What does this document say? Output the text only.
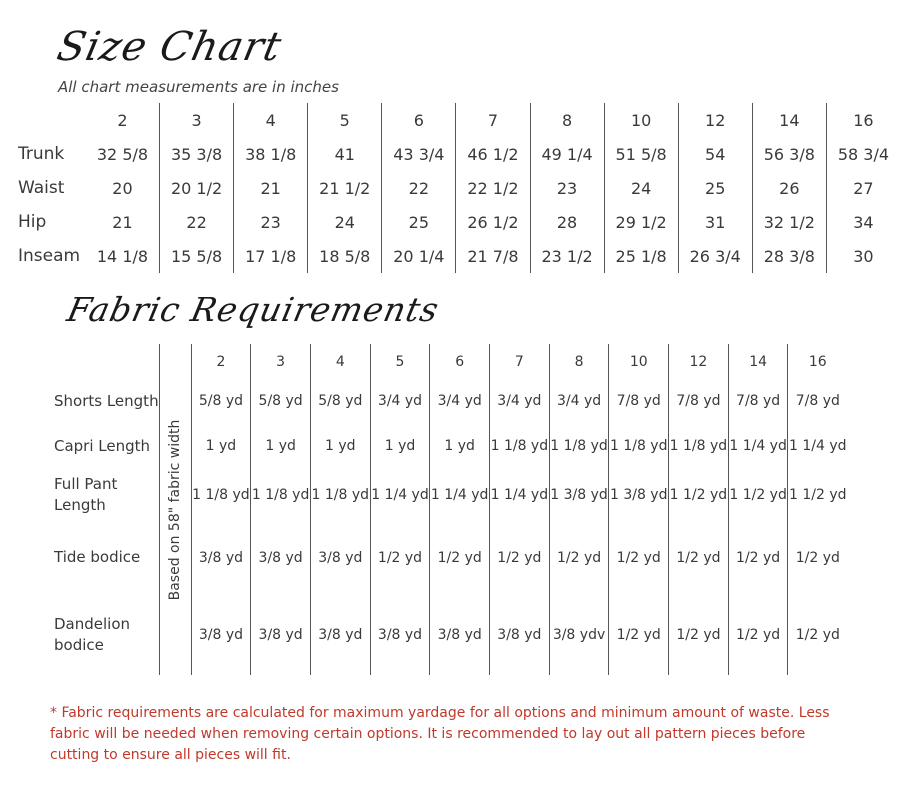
Size Chart
All chart measurements are in inches
	2	3	4	5	6	7	8	10	12	14	16
Trunk	32 5/8	35 3/8	38 1/8	41	43 3/4	46 1/2	49 1/4	51 5/8	54	56 3/8	58 3/4
Waist	20	20 1/2	21	21 1/2	22	22 1/2	23	24	25	26	27
Hip	21	22	23	24	25	26 1/2	28	29 1/2	31	32 1/2	34
Inseam	14 1/8	15 5/8	17 1/8	18 5/8	20 1/4	21 7/8	23 1/2	25 1/8	26 3/4	28 3/8	30
Fabric Requirements

	Based on 58" fabric width	2	3	4	5	6	7	8	10	12	14	16

Shorts Length		5/8 yd	5/8 yd	5/8 yd	3/4 yd	3/4 yd	3/4 yd	3/4 yd	7/8 yd	7/8 yd	7/8 yd	7/8 yd

Capri Length		1 yd	1 yd	1 yd	1 yd	1 yd	1 1/8 yd	1 1/8 yd	1 1/8 yd	1 1/8 yd	1 1/4 yd	1 1/4 yd

Full Pant
Length		1 1/8 yd	1 1/8 yd	1 1/8 yd	1 1/4 yd	1 1/4 yd	1 1/4 yd	1 3/8 yd	1 3/8 yd	1 1/2 yd	1 1/2 yd	1 1/2 yd

Tide bodice		3/8 yd	3/8 yd	3/8 yd	1/2 yd	1/2 yd	1/2 yd	1/2 yd	1/2 yd	1/2 yd	1/2 yd	1/2 yd

Dandelion
bodice		3/8 yd	3/8 yd	3/8 yd	3/8 yd	3/8 yd	3/8 yd	3/8 ydv	1/2 yd	1/2 yd	1/2 yd	1/2 yd
* Fabric requirements are calculated for maximum yardage for all options and minimum amount of waste. Less fabric will be needed when removing certain options. It is recommended to lay out all pattern pieces before cutting to ensure all pieces will fit.
